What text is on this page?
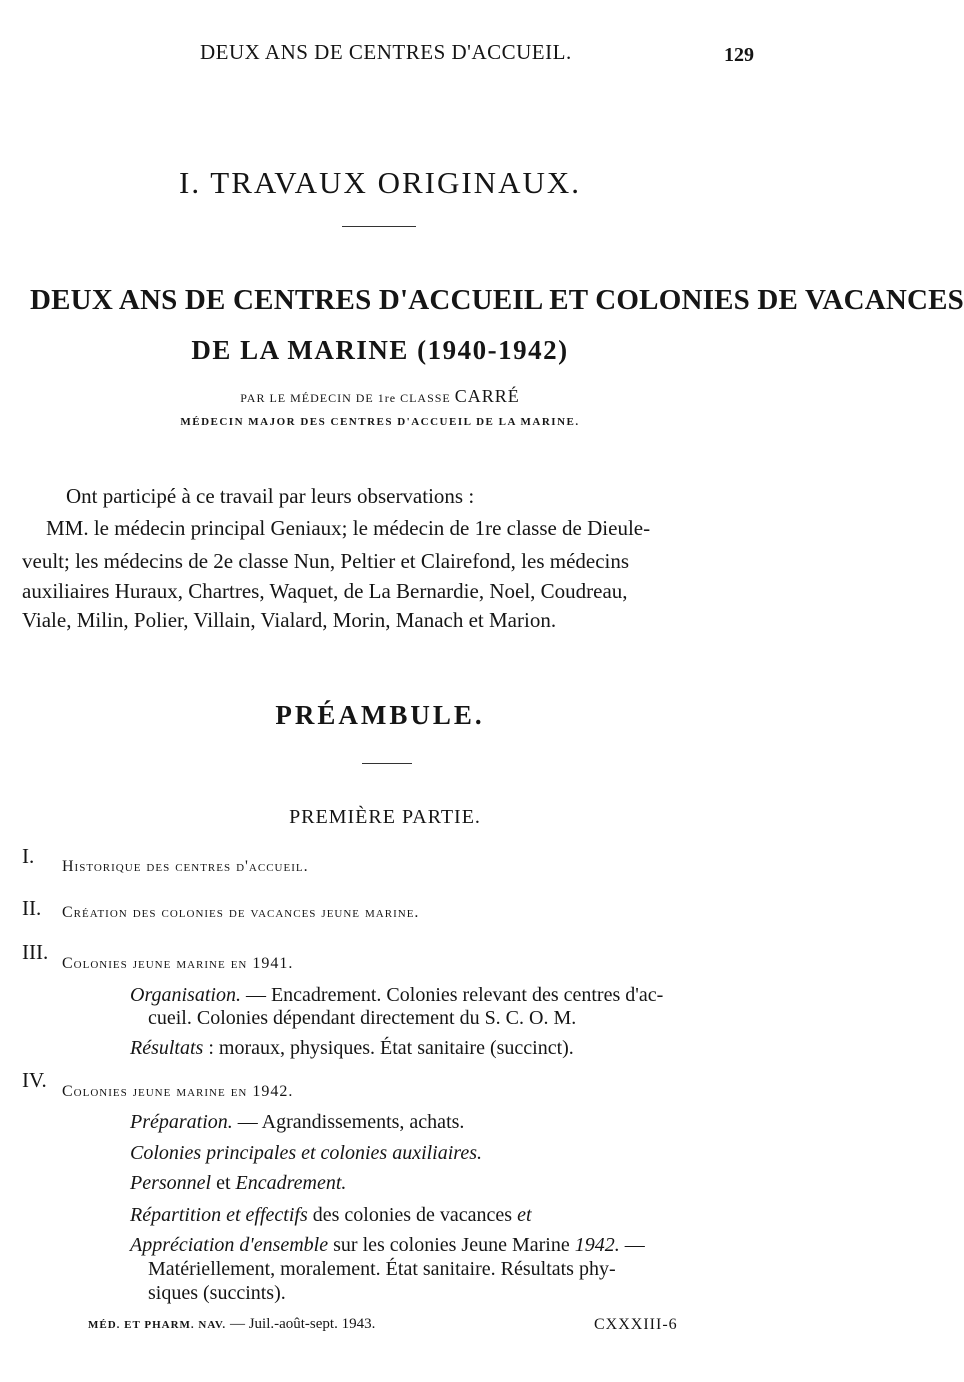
DEUX ANS DE CENTRES D'ACCUEIL.	129
I. TRAVAUX ORIGINAUX.
DEUX ANS DE CENTRES D'ACCUEIL ET COLONIES DE VACANCES
DE LA MARINE (1940-1942)
PAR LE MÉDECIN DE 1re CLASSE CARRÉ
MÉDECIN MAJOR DES CENTRES D'ACCUEIL DE LA MARINE.
Ont participé à ce travail par leurs observations :
MM. le médecin principal Geniaux; le médecin de 1re classe de Dieule-
veult; les médecins de 2e classe Nun, Peltier et Clairefond, les médecins
auxiliaires Huraux, Chartres, Waquet, de La Bernardie, Noel, Coudreau,
Viale, Milin, Polier, Villain, Vialard, Morin, Manach et Marion.
PRÉAMBULE.
PREMIÈRE PARTIE.
I. Historique des centres d'accueil.
II. Création des colonies de vacances jeune marine.
III. Colonies jeune marine en 1941.
Organisation. — Encadrement. Colonies relevant des centres d'ac-
cueil. Colonies dépendant directement du S. C. O. M.
Résultats : moraux, physiques. État sanitaire (succinct).
IV. Colonies jeune marine en 1942.
Préparation. — Agrandissements, achats.
Colonies principales et colonies auxiliaires.
Personnel et Encadrement.
Répartition et effectifs des colonies de vacances et
Appréciation d'ensemble sur les colonies Jeune Marine 1942. —
Matériellement, moralement. État sanitaire. Résultats phy-
siques (succints).
MÉD. ET PHARM. NAV. — Juil.-août-sept. 1943.	CXXXIII-6
